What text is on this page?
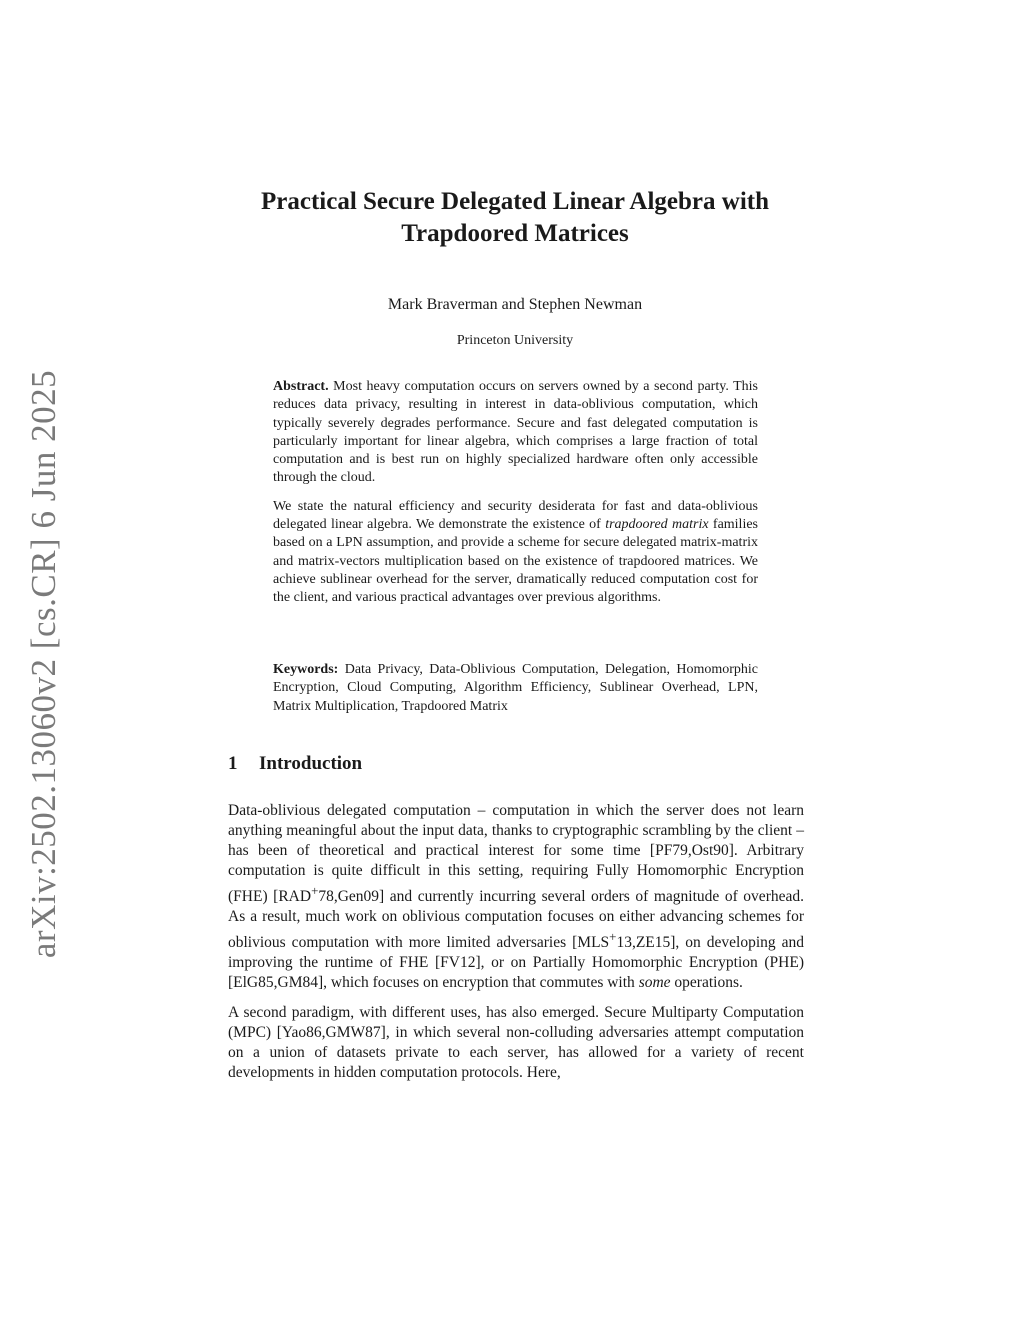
arXiv:2502.13060v2 [cs.CR] 6 Jun 2025
Practical Secure Delegated Linear Algebra with Trapdoored Matrices
Mark Braverman and Stephen Newman
Princeton University

Abstract. Most heavy computation occurs on servers owned by a second party. This reduces data privacy, resulting in interest in data-oblivious computation, which typically severely degrades performance. Secure and fast delegated computation is particularly important for linear algebra, which comprises a large fraction of total computation and is best run on highly specialized hardware often only accessible through the cloud.

We state the natural efficiency and security desiderata for fast and data-oblivious delegated linear algebra. We demonstrate the existence of trapdoored matrix families based on a LPN assumption, and provide a scheme for secure delegated matrix-matrix and matrix-vectors multiplication based on the existence of trapdoored matrices. We achieve sublinear overhead for the server, dramatically reduced computation cost for the client, and various practical advantages over previous algorithms.

Keywords: Data Privacy, Data-Oblivious Computation, Delegation, Homomorphic Encryption, Cloud Computing, Algorithm Efficiency, Sublinear Overhead, LPN, Matrix Multiplication, Trapdoored Matrix

1 Introduction

Data-oblivious delegated computation – computation in which the server does not learn anything meaningful about the input data, thanks to cryptographic scrambling by the client – has been of theoretical and practical interest for some time [PF79,Ost90]. Arbitrary computation is quite difficult in this setting, requiring Fully Homomorphic Encryption (FHE) [RAD+78,Gen09] and currently incurring several orders of magnitude of overhead. As a result, much work on oblivious computation focuses on either advancing schemes for oblivious computation with more limited adversaries [MLS+13,ZE15], on developing and improving the runtime of FHE [FV12], or on Partially Homomorphic Encryption (PHE) [ElG85,GM84], which focuses on encryption that commutes with some operations.

A second paradigm, with different uses, has also emerged. Secure Multiparty Computation (MPC) [Yao86,GMW87], in which several non-colluding adversaries attempt computation on a union of datasets private to each server, has allowed for a variety of recent developments in hidden computation protocols. Here,
